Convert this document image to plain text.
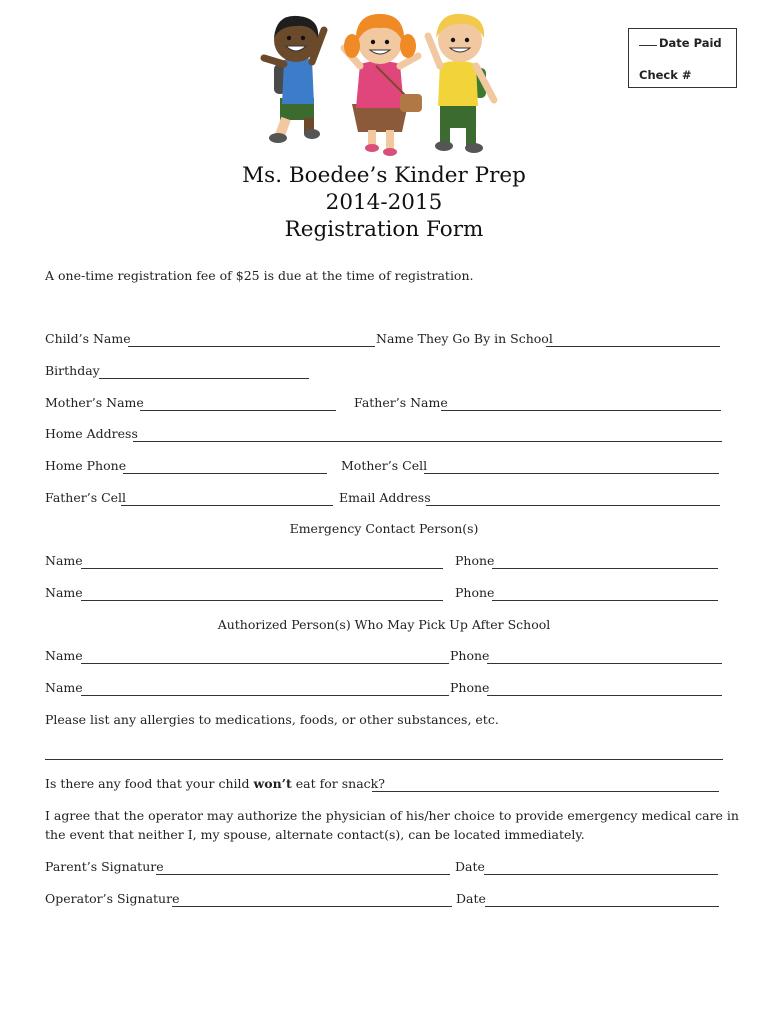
Date Paid
Check #
Ms. Boedee’s Kinder Prep
2014-2015
Registration Form
A one-time registration fee of $25 is due at the time of registration.
Child’s Name	Name They Go By in School
Birthday
Mother’s Name	Father’s Name
Home Address
Home Phone	Mother’s Cell
Father’s Cell	Email Address
Emergency Contact Person(s)
Name	Phone
Name	Phone
Authorized Person(s) Who May Pick Up After School
Name	Phone
Name	Phone
Please list any allergies to medications, foods, or other substances, etc.
Is there any food that your child won’t eat for snack?
I agree that the operator may authorize the physician of his/her choice to provide emergency medical care in
the event that neither I, my spouse, alternate contact(s), can be located immediately.
Parent’s Signature	Date
Operator’s Signature	Date
